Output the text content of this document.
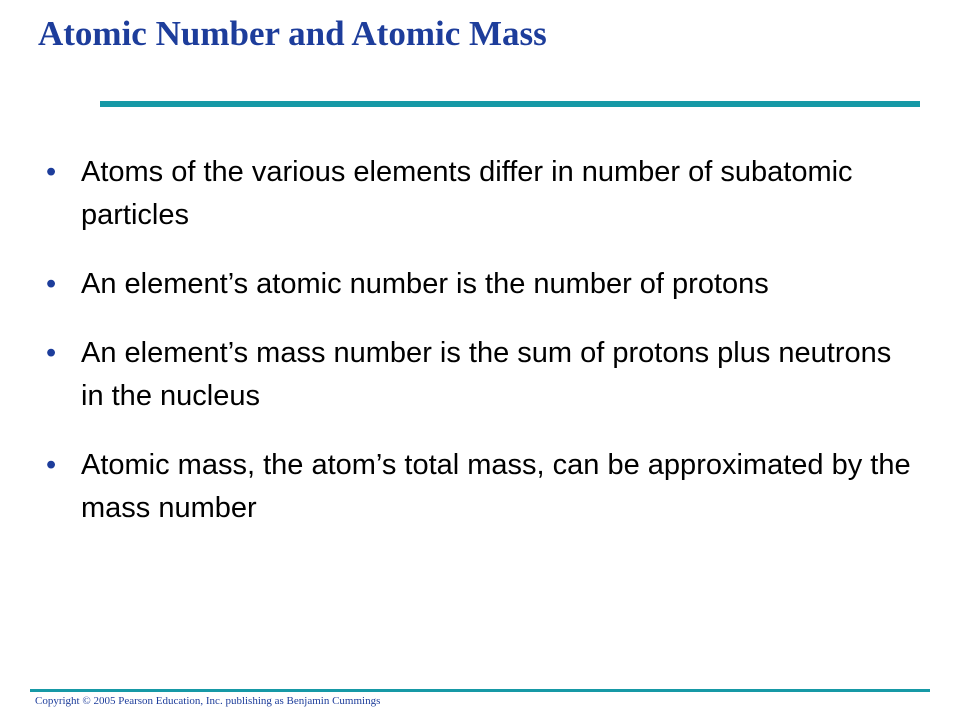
Atomic Number and Atomic Mass
• Atoms of the various elements differ in number of subatomic particles
• An element’s atomic number is the number of protons
• An element’s mass number is the sum of protons plus neutrons in the nucleus
• Atomic mass, the atom’s total mass, can be approximated by the mass number
Copyright © 2005 Pearson Education, Inc. publishing as Benjamin Cummings
